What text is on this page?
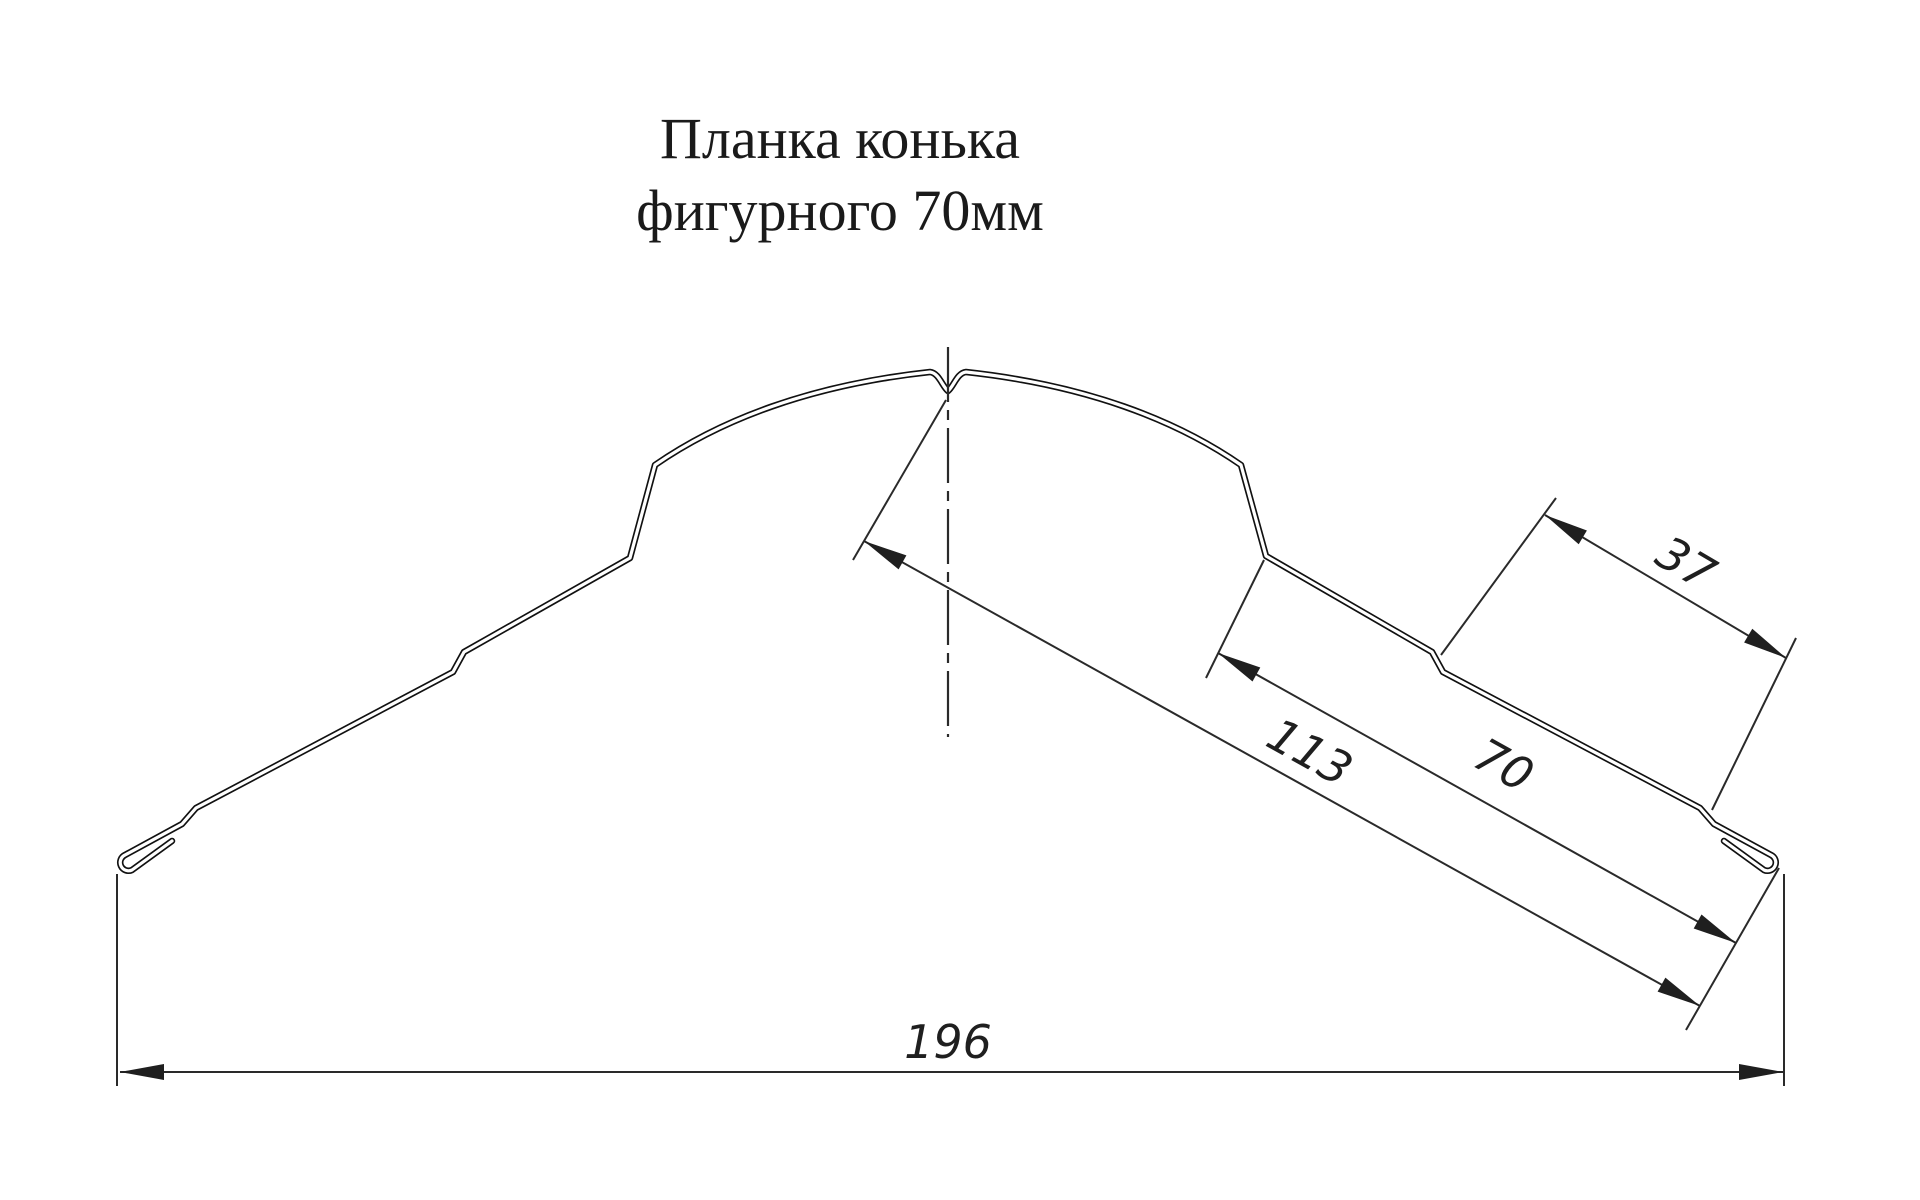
Планка конька
фигурного 70мм
113 70
37
196
